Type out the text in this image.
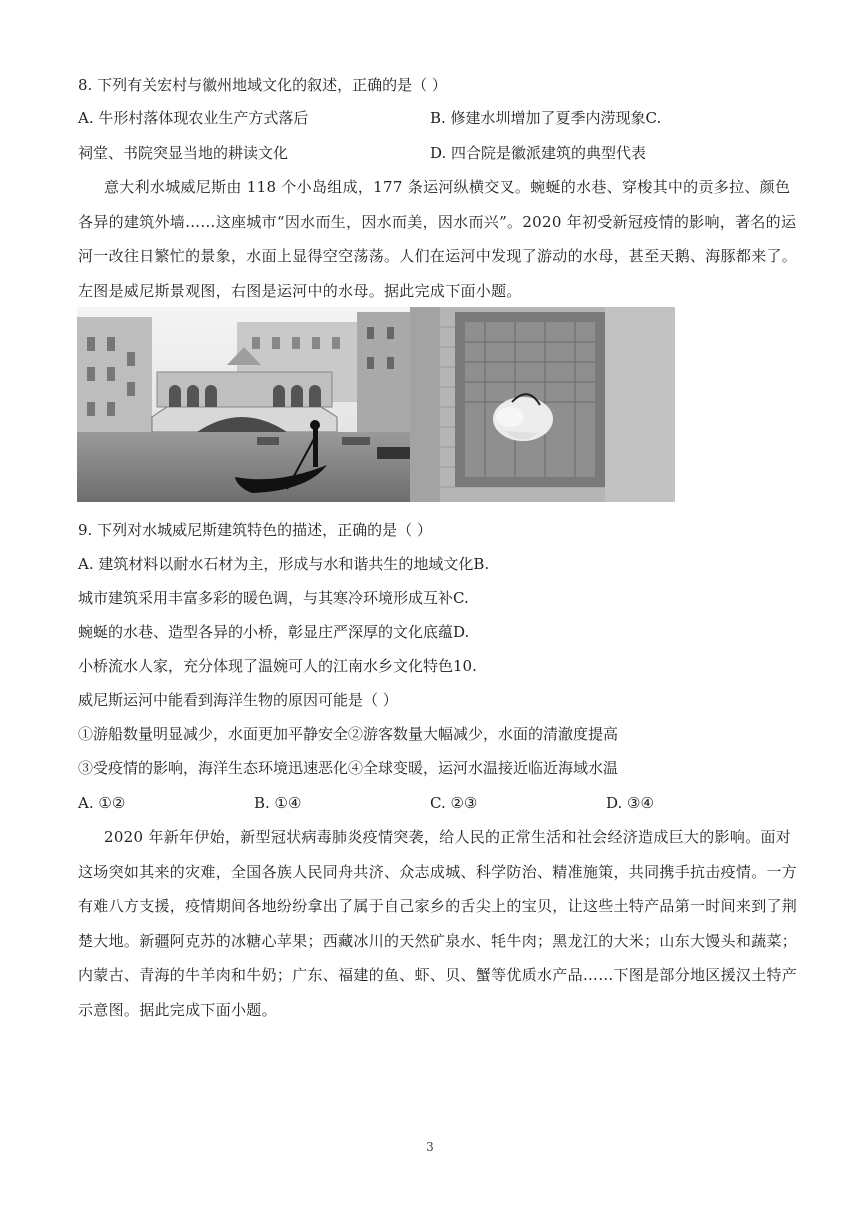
8. 下列有关宏村与徽州地域文化的叙述，正确的是（ ）
A. 牛形村落体现农业生产方式落后	B. 修建水圳增加了夏季内涝现象C.
祠堂、书院突显当地的耕读文化	D. 四合院是徽派建筑的典型代表
意大利水城威尼斯由 118 个小岛组成，177 条运河纵横交叉。蜿蜒的水巷、穿梭其中的贡多拉、颜色各异的建筑外墙……这座城市“因水而生，因水而美，因水而兴”。2020 年初受新冠疫情的影响，著名的运河一改往日繁忙的景象，水面上显得空空荡荡。人们在运河中发现了游动的水母，甚至天鹅、海豚都来了。左图是威尼斯景观图，右图是运河中的水母。据此完成下面小题。
9. 下列对水城威尼斯建筑特色的描述，正确的是（ ）
A. 建筑材料以耐水石材为主，形成与水和谐共生的地域文化B.
城市建筑采用丰富多彩的暖色调，与其寒冷环境形成互补C.
蜿蜒的水巷、造型各异的小桥，彰显庄严深厚的文化底蕴D.
小桥流水人家，充分体现了温婉可人的江南水乡文化特色10.
威尼斯运河中能看到海洋生物的原因可能是（ ）
①游船数量明显减少，水面更加平静安全②游客数量大幅减少，水面的清澈度提高
③受疫情的影响，海洋生态环境迅速恶化④全球变暖，运河水温接近临近海域水温
A. ①②	B. ①④	C. ②③	D. ③④
2020 年新年伊始，新型冠状病毒肺炎疫情突袭，给人民的正常生活和社会经济造成巨大的影响。面对这场突如其来的灾难，全国各族人民同舟共济、众志成城、科学防治、精准施策，共同携手抗击疫情。一方有难八方支援，疫情期间各地纷纷拿出了属于自己家乡的舌尖上的宝贝，让这些土特产品第一时间来到了荆楚大地。新疆阿克苏的冰糖心苹果；西藏冰川的天然矿泉水、牦牛肉；黑龙江的大米；山东大馒头和蔬菜；内蒙古、青海的牛羊肉和牛奶；广东、福建的鱼、虾、贝、蟹等优质水产品……下图是部分地区援汉土特产示意图。据此完成下面小题。
3
